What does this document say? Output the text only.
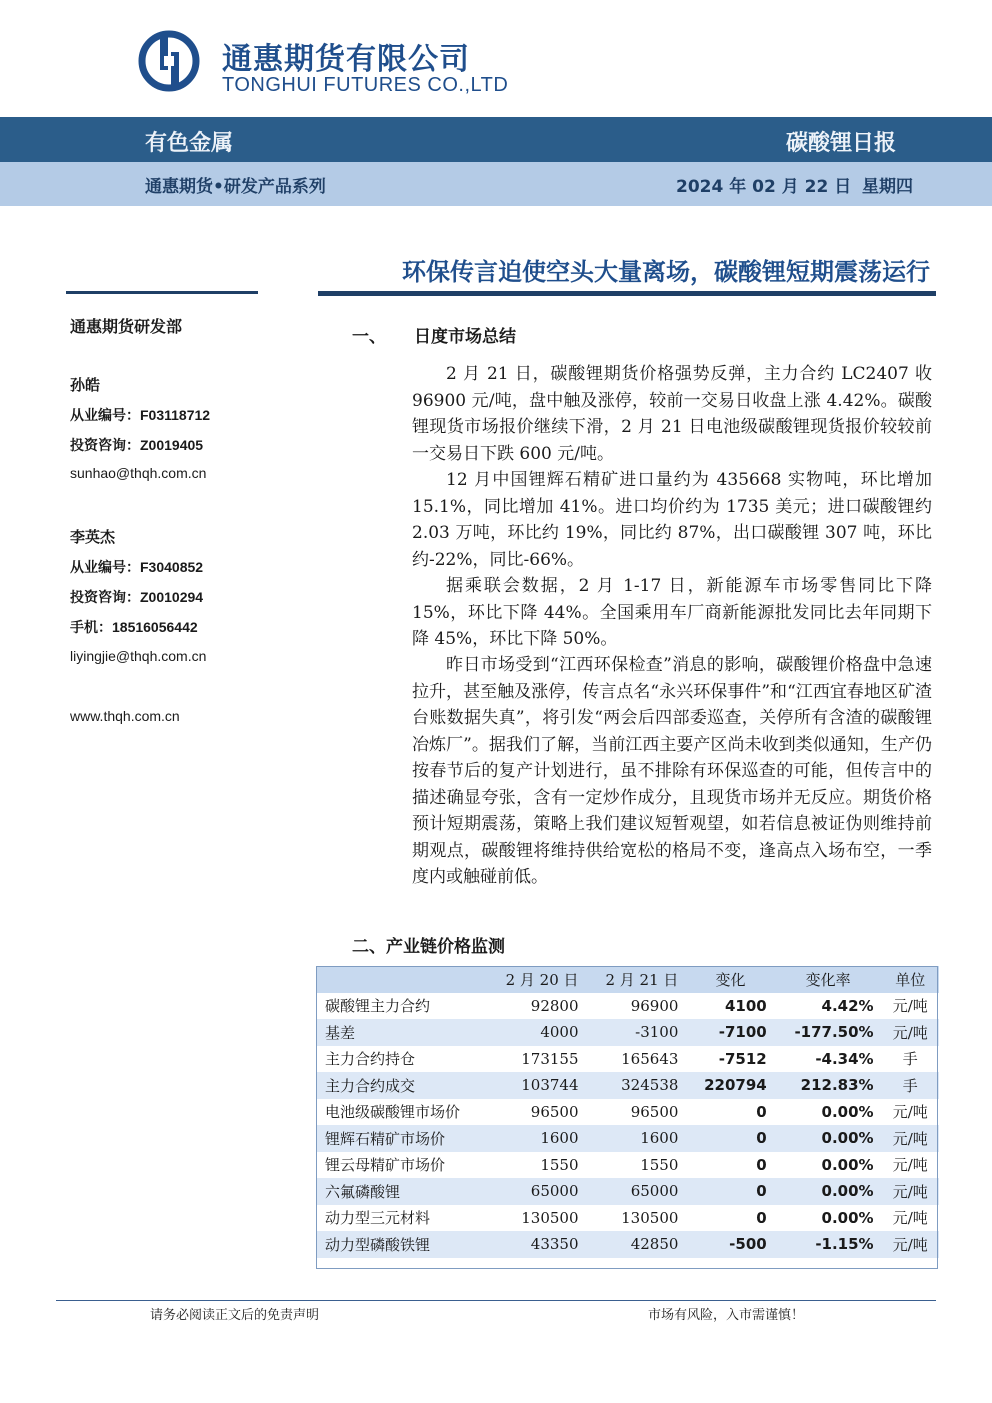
通惠期货有限公司
TONGHUI FUTURES CO.,LTD
有色金属	碳酸锂日报
通惠期货•研发产品系列	2024 年 02 月 22 日 星期四
环保传言迫使空头大量离场，碳酸锂短期震荡运行
通惠期货研发部
孙皓
从业编号：F03118712
投资咨询：Z0019405
sunhao@thqh.com.cn
李英杰
从业编号：F3040852
投资咨询：Z0010294
手机：18516056442
liyingjie@thqh.com.cn
www.thqh.com.cn
一、 日度市场总结
2 月 21 日，碳酸锂期货价格强势反弹，主力合约 LC2407 收 96900 元/吨，盘中触及涨停，较前一交易日收盘上涨 4.42%。碳酸锂现货市场报价继续下滑，2 月 21 日电池级碳酸锂现货报价较较前一交易日下跌 600 元/吨。
12 月中国锂辉石精矿进口量约为 435668 实物吨，环比增加 15.1%，同比增加 41%。进口均价约为 1735 美元；进口碳酸锂约 2.03 万吨，环比约 19%，同比约 87%，出口碳酸锂 307 吨，环比约-22%，同比-66%。
据乘联会数据，2 月 1-17 日，新能源车市场零售同比下降 15%，环比下降 44%。全国乘用车厂商新能源批发同比去年同期下降 45%，环比下降 50%。
昨日市场受到“江西环保检查”消息的影响，碳酸锂价格盘中急速拉升，甚至触及涨停，传言点名“永兴环保事件”和“江西宜春地区矿渣台账数据失真”，将引发“两会后四部委巡查，关停所有含渣的碳酸锂冶炼厂”。据我们了解，当前江西主要产区尚未收到类似通知，生产仍按春节后的复产计划进行，虽不排除有环保巡查的可能，但传言中的描述确显夸张，含有一定炒作成分，且现货市场并无反应。期货价格预计短期震荡，策略上我们建议短暂观望，如若信息被证伪则维持前期观点，碳酸锂将维持供给宽松的格局不变，逢高点入场布空，一季度内或触碰前低。
二、产业链价格监测
	2 月 20 日	2 月 21 日	变化	变化率	单位
碳酸锂主力合约	92800	96900	4100	4.42%	元/吨
基差	4000	-3100	-7100	-177.50%	元/吨
主力合约持仓	173155	165643	-7512	-4.34%	手
主力合约成交	103744	324538	220794	212.83%	手
电池级碳酸锂市场价	96500	96500	0	0.00%	元/吨
锂辉石精矿市场价	1600	1600	0	0.00%	元/吨
锂云母精矿市场价	1550	1550	0	0.00%	元/吨
六氟磷酸锂	65000	65000	0	0.00%	元/吨
动力型三元材料	130500	130500	0	0.00%	元/吨
动力型磷酸铁锂	43350	42850	-500	-1.15%	元/吨
请务必阅读正文后的免责声明	市场有风险，入市需谨慎！
